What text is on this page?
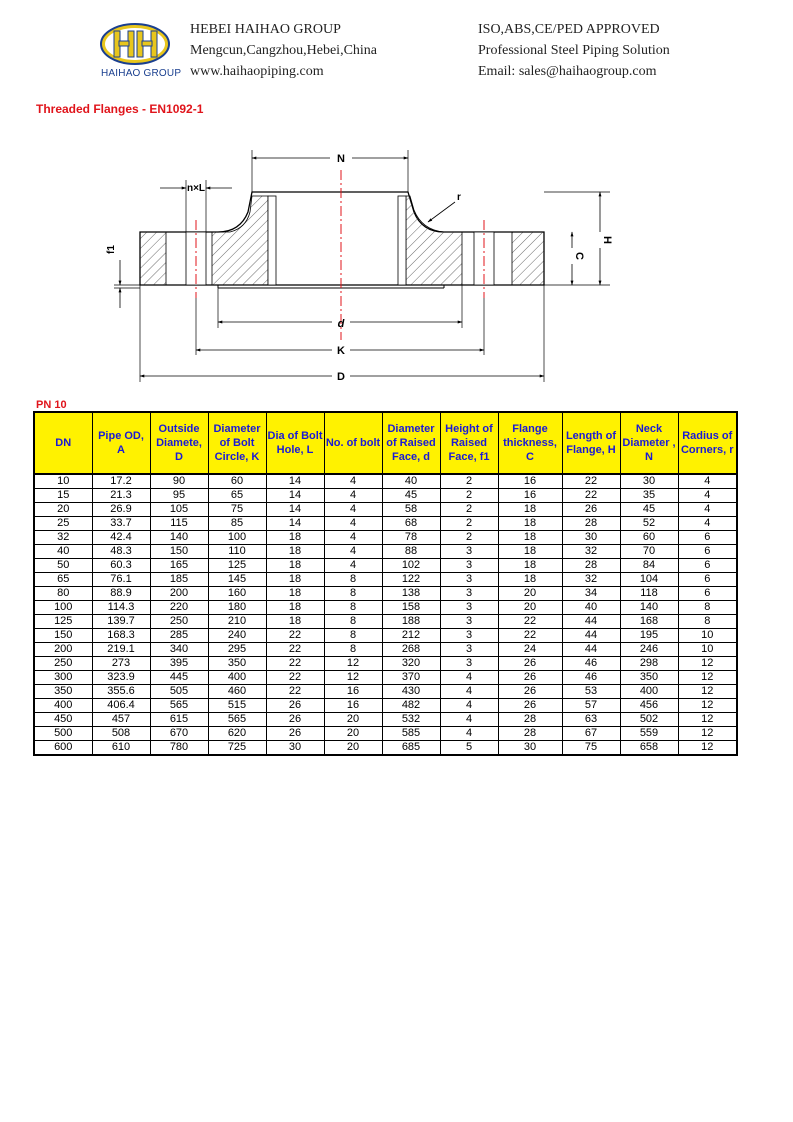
HAIHAO GROUP
HEBEI HAIHAO GROUP
Mengcun,Cangzhou,Hebei,China
www.haihaopiping.com
ISO,ABS,CE/PED APPROVED
Professional Steel Piping Solution
Email: sales@haihaogroup.com
Threaded Flanges - EN1092-1
N
n×L
f1
r
H
C
d
K
D
PN 10
DN	Pipe OD, A	Outside Diamete, D	Diameter of Bolt Circle, K	Dia of Bolt Hole, L	No. of bolt	Diameter of Raised Face, d	Height of Raised Face, f1	Flange thickness, C	Length of Flange, H	Neck Diameter , N	Radius of Corners, r
10	17.2	90	60	14	4	40	2	16	22	30	4
15	21.3	95	65	14	4	45	2	16	22	35	4
20	26.9	105	75	14	4	58	2	18	26	45	4
25	33.7	115	85	14	4	68	2	18	28	52	4
32	42.4	140	100	18	4	78	2	18	30	60	6
40	48.3	150	110	18	4	88	3	18	32	70	6
50	60.3	165	125	18	4	102	3	18	28	84	6
65	76.1	185	145	18	8	122	3	18	32	104	6
80	88.9	200	160	18	8	138	3	20	34	118	6
100	114.3	220	180	18	8	158	3	20	40	140	8
125	139.7	250	210	18	8	188	3	22	44	168	8
150	168.3	285	240	22	8	212	3	22	44	195	10
200	219.1	340	295	22	8	268	3	24	44	246	10
250	273	395	350	22	12	320	3	26	46	298	12
300	323.9	445	400	22	12	370	4	26	46	350	12
350	355.6	505	460	22	16	430	4	26	53	400	12
400	406.4	565	515	26	16	482	4	26	57	456	12
450	457	615	565	26	20	532	4	28	63	502	12
500	508	670	620	26	20	585	4	28	67	559	12
600	610	780	725	30	20	685	5	30	75	658	12
